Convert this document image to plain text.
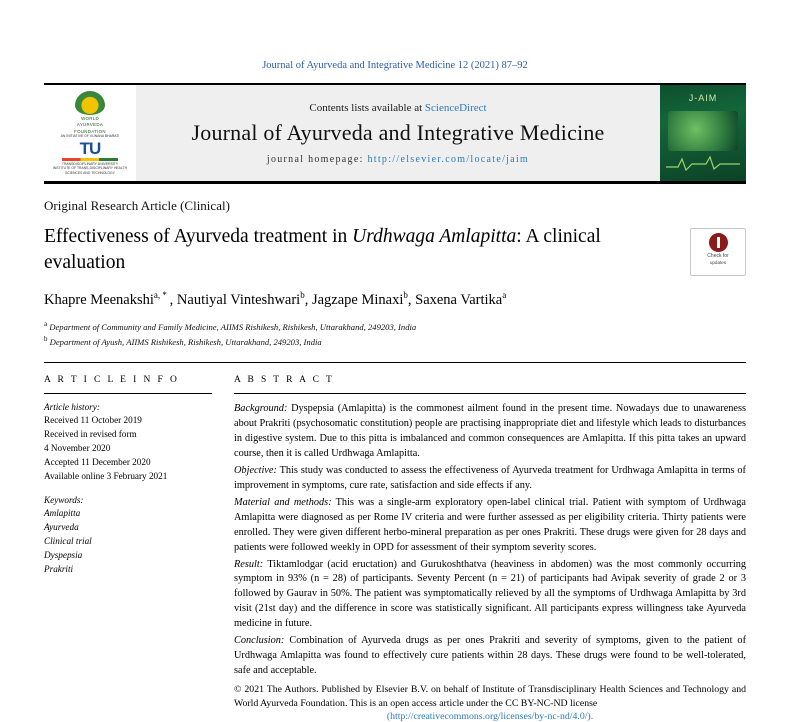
Journal of Ayurveda and Integrative Medicine 12 (2021) 87–92
WORLD
AYURVEDA
FOUNDATION
AN INITIATIVE OF VIJNANA BHARATI
TU
TRANSDISCIPLINARY UNIVERSITY
INSTITUTE OF TRANS-DISCIPLINARY HEALTH SCIENCES AND TECHNOLOGY
Contents lists available at ScienceDirect
Journal of Ayurveda and Integrative Medicine
journal homepage: http://elsevier.com/locate/jaim
J-AIM
Original Research Article (Clinical)
Effectiveness of Ayurveda treatment in Urdhwaga Amlapitta: A clinical evaluation	Check for
updates
Khapre Meenakshi$^{a, *}$ , Nautiyal Vinteshwari$^b$, Jagzape Minaxi$^b$, Saxena Vartika$^a$
$^a$ Department of Community and Family Medicine, AIIMS Rishikesh, Rishikesh, Uttarakhand, 249203, India
$^b$ Department of Ayush, AIIMS Rishikesh, Rishikesh, Uttarakhand, 249203, India
A R T I C L E I N F O
Article history:
Received 11 October 2019
Received in revised form
4 November 2020
Accepted 11 December 2020
Available online 3 February 2021
Keywords:
Amlapitta
Ayurveda
Clinical trial
Dyspepsia
Prakriti
A B S T R A C T

Background: Dyspepsia (Amlapitta) is the commonest ailment found in the present time. Nowadays due to unawareness about Prakriti (psychosomatic constitution) people are practising inappropriate diet and lifestyle which leads to disturbances in digestive system. Due to this pitta is imbalanced and common consequences are Amlapitta. If this pitta takes an upward course, then it is called Urdhwaga Amlapitta.

Objective: This study was conducted to assess the effectiveness of Ayurveda treatment for Urdhwaga Amlapitta in terms of improvement in symptoms, cure rate, satisfaction and side effects if any.

Material and methods: This was a single-arm exploratory open-label clinical trial. Patient with symptom of Urdhwaga Amlapitta were diagnosed as per Rome IV criteria and were further assessed as per eligibility criteria. Thirty patients were enrolled. They were given different herbo-mineral preparation as per ones Prakriti. These drugs were given for 28 days and patients were followed weekly in OPD for assessment of their symptom severity scores.

Result: Tiktamlodgar (acid eructation) and Gurukoshthatva (heaviness in abdomen) was the most commonly occurring symptom in 93% (n = 28) of participants. Seventy Percent (n = 21) of participants had Avipak severity of grade 2 or 3 followed by Gaurav in 50%. The patient was symptomatically relieved by all the symptoms of Urdhwaga Amlapitta by 3rd visit (21st day) and the difference in score was statistically significant. All participants express willingness take Ayurveda medicine in future.

Conclusion: Combination of Ayurveda drugs as per ones Prakriti and severity of symptoms, given to the patient of Urdhwaga Amlapitta was found to effectively cure patients within 28 days. These drugs were found to be well-tolerated, safe and acceptable.

© 2021 The Authors. Published by Elsevier B.V. on behalf of Institute of Transdisciplinary Health Sciences and Technology and World Ayurveda Foundation. This is an open access article under the CC BY-NC-ND license
(http://creativecommons.org/licenses/by-nc-nd/4.0/).
